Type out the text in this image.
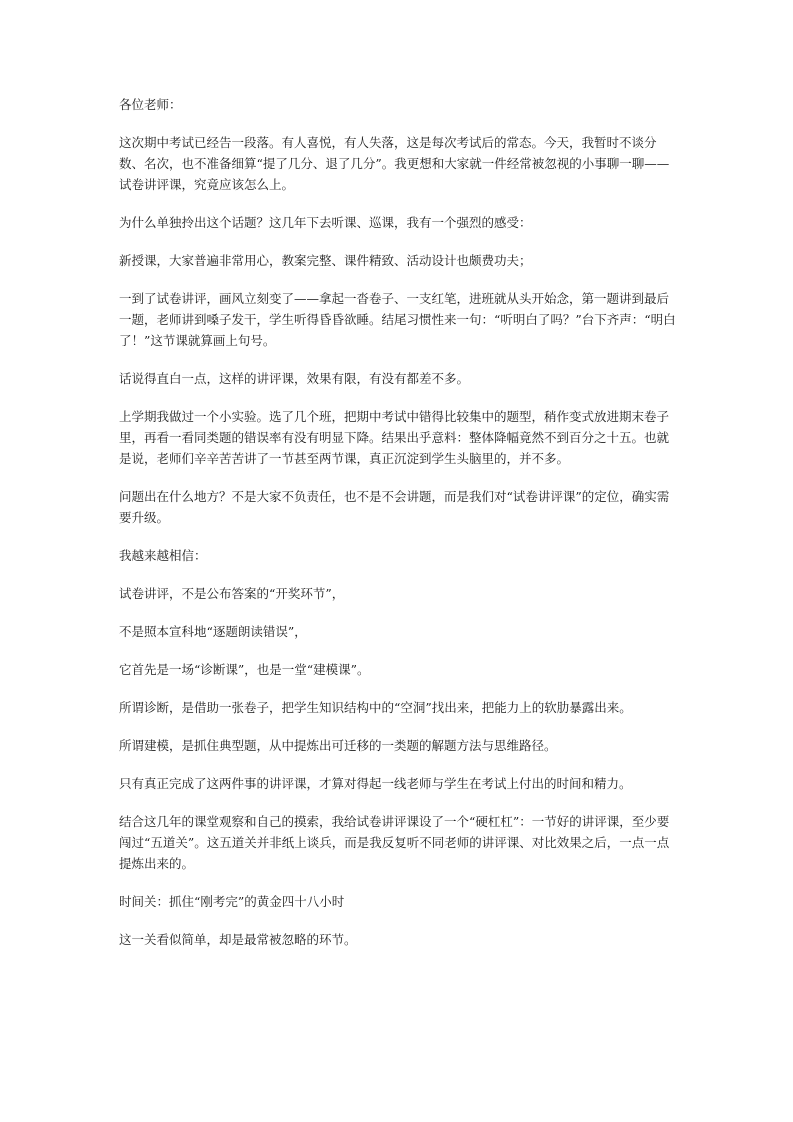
各位老师：

这次期中考试已经告一段落。有人喜悦，有人失落，这是每次考试后的常态。今天，我暂时不谈分数、名次，也不准备细算“提了几分、退了几分”。我更想和大家就一件经常被忽视的小事聊一聊——试卷讲评课，究竟应该怎么上。

为什么单独拎出这个话题？这几年下去听课、巡课，我有一个强烈的感受：

新授课，大家普遍非常用心，教案完整、课件精致、活动设计也颇费功夫；

一到了试卷讲评，画风立刻变了——拿起一沓卷子、一支红笔，进班就从头开始念，第一题讲到最后一题，老师讲到嗓子发干，学生听得昏昏欲睡。结尾习惯性来一句：“听明白了吗？”台下齐声：“明白了！”这节课就算画上句号。

话说得直白一点，这样的讲评课，效果有限，有没有都差不多。

上学期我做过一个小实验。选了几个班，把期中考试中错得比较集中的题型，稍作变式放进期末卷子里，再看一看同类题的错误率有没有明显下降。结果出乎意料：整体降幅竟然不到百分之十五。也就是说，老师们辛辛苦苦讲了一节甚至两节课，真正沉淀到学生头脑里的，并不多。

问题出在什么地方？不是大家不负责任，也不是不会讲题，而是我们对“试卷讲评课”的定位，确实需要升级。

我越来越相信：

试卷讲评，不是公布答案的“开奖环节”，

不是照本宣科地“逐题朗读错误”，

它首先是一场“诊断课”，也是一堂“建模课”。

所谓诊断，是借助一张卷子，把学生知识结构中的“空洞”找出来，把能力上的软肋暴露出来。

所谓建模，是抓住典型题，从中提炼出可迁移的一类题的解题方法与思维路径。

只有真正完成了这两件事的讲评课，才算对得起一线老师与学生在考试上付出的时间和精力。

结合这几年的课堂观察和自己的摸索，我给试卷讲评课设了一个“硬杠杠”：一节好的讲评课，至少要闯过“五道关”。这五道关并非纸上谈兵，而是我反复听不同老师的讲评课、对比效果之后，一点一点提炼出来的。

时间关：抓住“刚考完”的黄金四十八小时

这一关看似简单，却是最常被忽略的环节。
